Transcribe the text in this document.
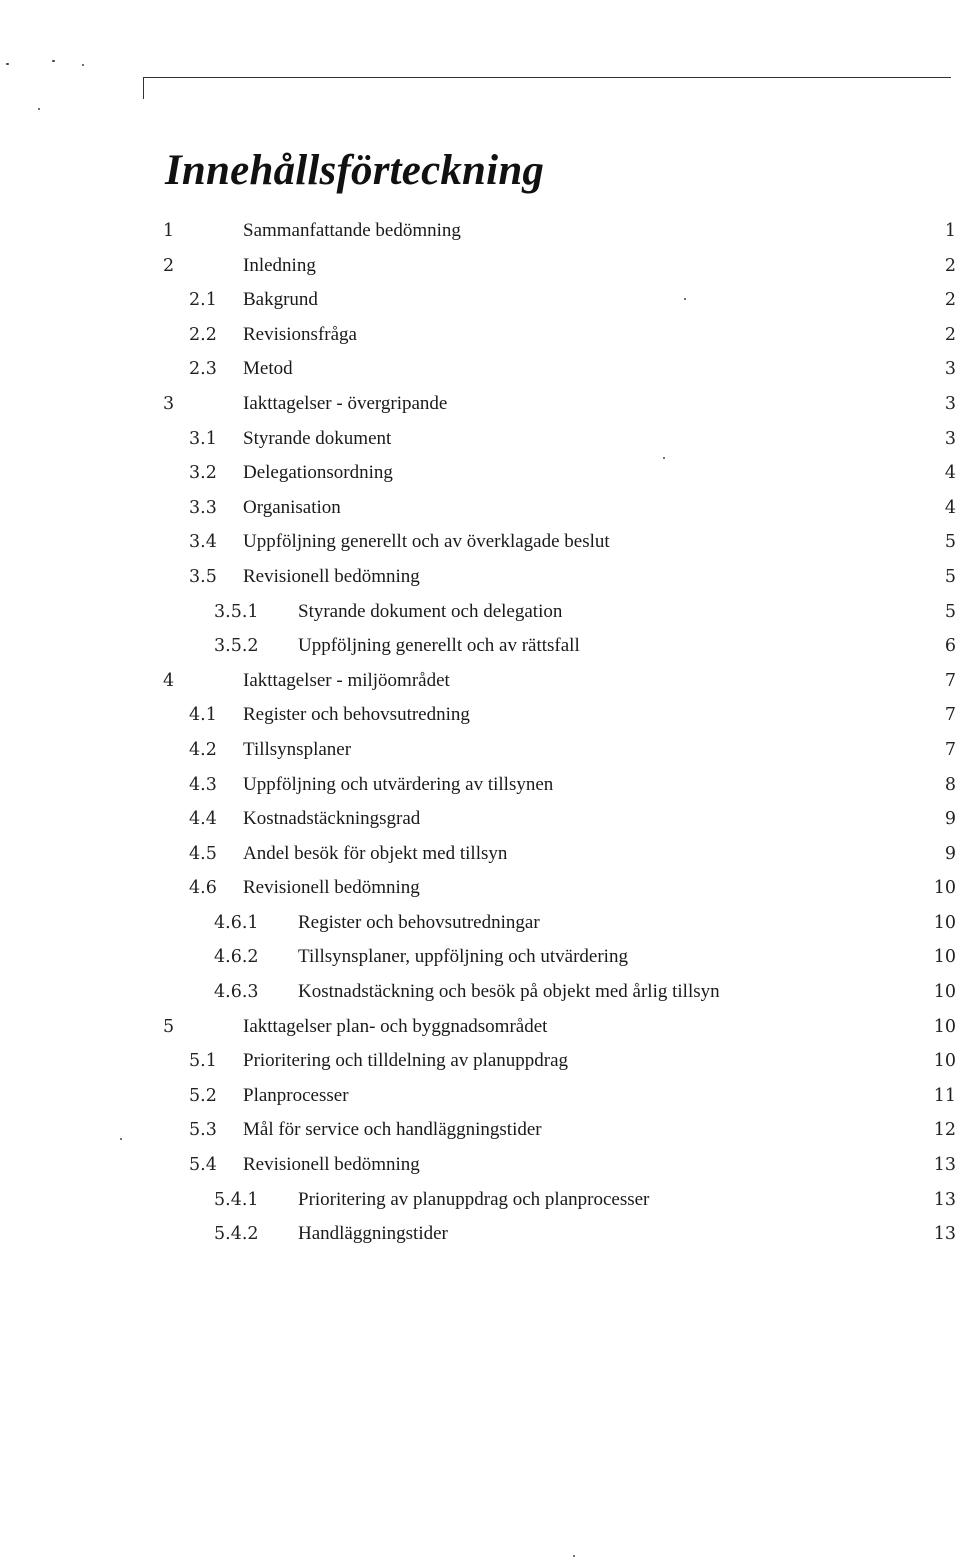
Innehållsförteckning
1	Sammanfattande bedömning	1
2	Inledning	2
2.1 Bakgrund	2
2.2 Revisionsfråga	2
2.3 Metod	3
3	Iakttagelser - övergripande	3
3.1 Styrande dokument	3
3.2 Delegationsordning	4
3.3 Organisation	4
3.4 Uppföljning generellt och av överklagade beslut	5
3.5 Revisionell bedömning	5
3.5.1 Styrande dokument och delegation	5
3.5.2 Uppföljning generellt och av rättsfall	6
4	Iakttagelser - miljöområdet	7
4.1 Register och behovsutredning	7
4.2 Tillsynsplaner	7
4.3 Uppföljning och utvärdering av tillsynen	8
4.4 Kostnadstäckningsgrad	9
4.5 Andel besök för objekt med tillsyn	9
4.6 Revisionell bedömning	10
4.6.1 Register och behovsutredningar	10
4.6.2 Tillsynsplaner, uppföljning och utvärdering	10
4.6.3 Kostnadstäckning och besök på objekt med årlig tillsyn	10
5	Iakttagelser plan- och byggnadsområdet	10
5.1 Prioritering och tilldelning av planuppdrag	10
5.2 Planprocesser	11
5.3 Mål för service och handläggningstider	12
5.4 Revisionell bedömning	13
5.4.1 Prioritering av planuppdrag och planprocesser	13
5.4.2 Handläggningstider	13
